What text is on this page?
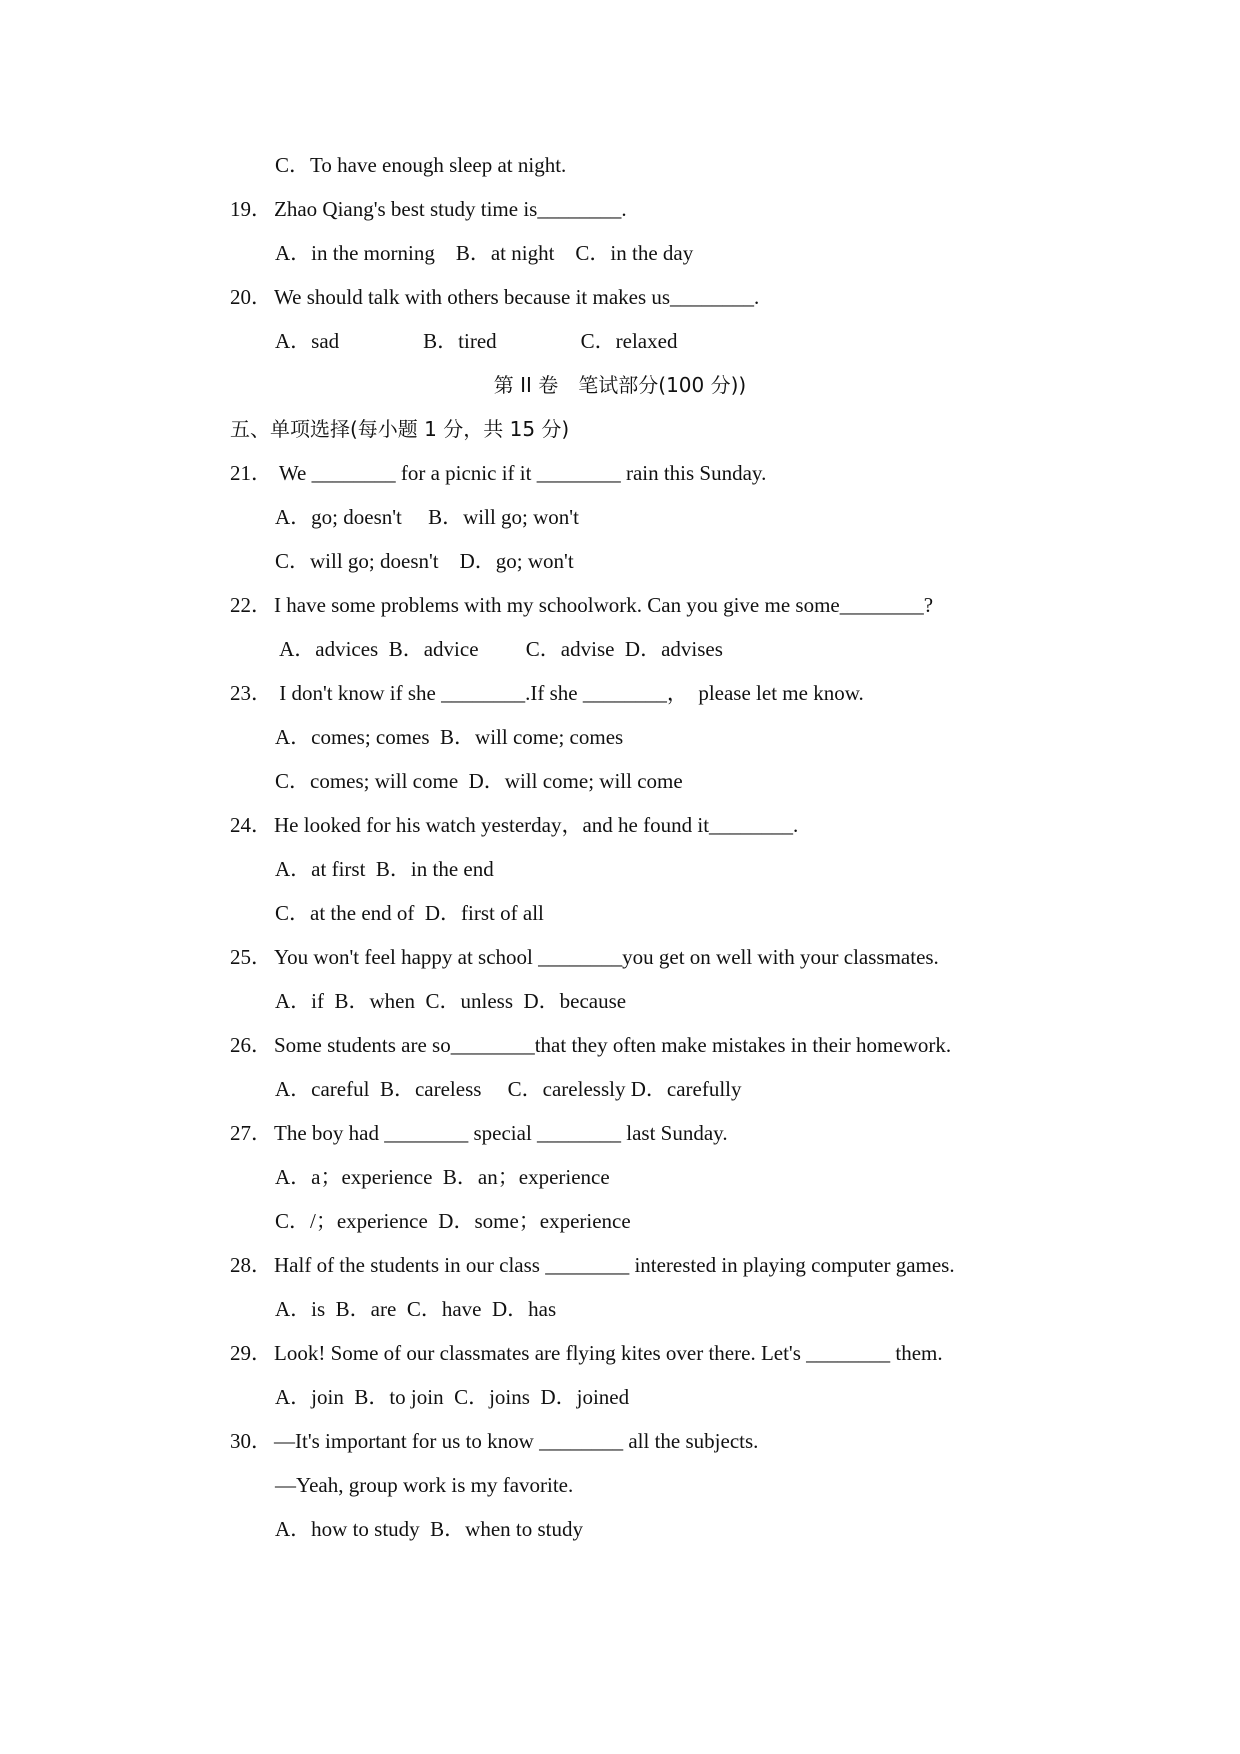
C．To have enough sleep at night.
19．Zhao Qiang's best study time is________.
A．in the morning　B．at night　C．in the day
20．We should talk with others because it makes us________.
A．sad　　　　B．tired　　　　C．relaxed
第 II 卷　笔试部分(100 分))
五、单项选择(每小题 1 分，共 15 分)
21． We ________ for a picnic if it ________ rain this Sunday.
A．go; doesn't　 B．will go; won't
C．will go; doesn't　D．go; won't
22．I have some problems with my schoolwork. Can you give me some________?
A．advices  B．advice　　 C．advise  D．advises
23． I don't know if she ________.If she ________，  please let me know.
A．comes; comes  B．will come; comes
C．comes; will come  D．will come; will come
24．He looked for his watch yesterday，and he found it________.
A．at first  B．in the end
C．at the end of  D．first of all
25．You won't feel happy at school ________you get on well with your classmates.
A．if  B．when  C．unless  D．because
26．Some students are so________that they often make mistakes in their homework.
A．careful  B．careless　 C．carelessly D．carefully
27．The boy had ________ special ________ last Sunday.
A．a；experience  B．an；experience
C．/；experience  D．some；experience
28．Half of the students in our class ________ interested in playing computer games.
A．is  B．are  C．have  D．has
29．Look! Some of our classmates are flying kites over there. Let's ________ them.
A．join  B．to join  C．joins  D．joined
30．—It's important for us to know ________ all the subjects.
—Yeah, group work is my favorite.
A．how to study  B．when to study
